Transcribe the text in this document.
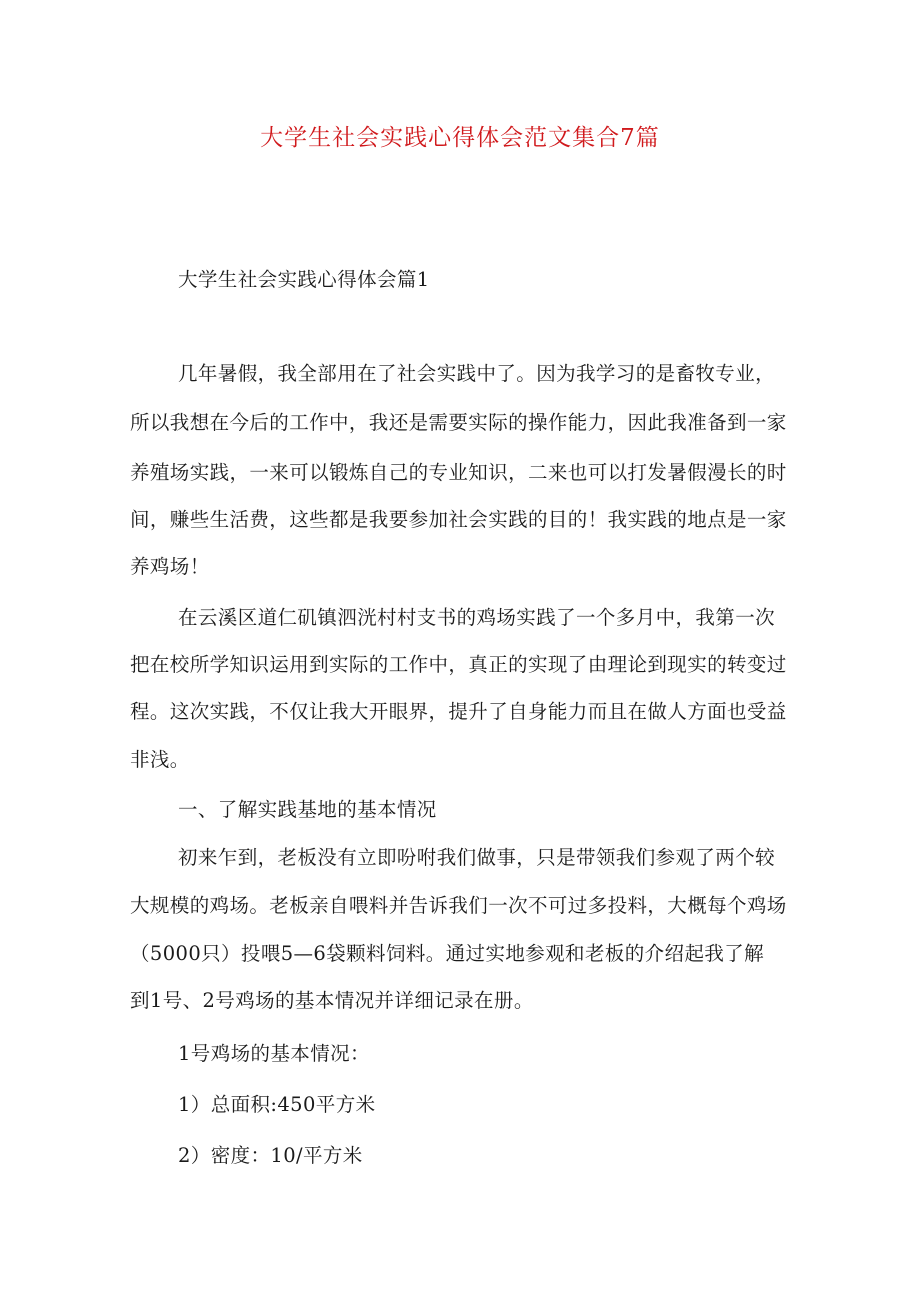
大学生社会实践心得体会范文集合7篇

大学生社会实践心得体会篇1

几年暑假，我全部用在了社会实践中了。因为我学习的是畜牧专业，

所以我想在今后的工作中，我还是需要实际的操作能力，因此我准备到一家

养殖场实践，一来可以锻炼自己的专业知识，二来也可以打发暑假漫长的时

间，赚些生活费，这些都是我要参加社会实践的目的！我实践的地点是一家

养鸡场！

在云溪区道仁矶镇泗洸村村支书的鸡场实践了一个多月中，我第一次

把在校所学知识运用到实际的工作中，真正的实现了由理论到现实的转变过

程。这次实践，不仅让我大开眼界，提升了自身能力而且在做人方面也受益

非浅。

一、了解实践基地的基本情况

初来乍到，老板没有立即吩咐我们做事，只是带领我们参观了两个较

大规模的鸡场。老板亲自喂料并告诉我们一次不可过多投料，大概每个鸡场

（5000只）投喂5—6袋颗料饲料。通过实地参观和老板的介绍起我了解

到1号、2号鸡场的基本情况并详细记录在册。

1号鸡场的基本情况：

1）总面积:450平方米

2）密度：10/平方米
